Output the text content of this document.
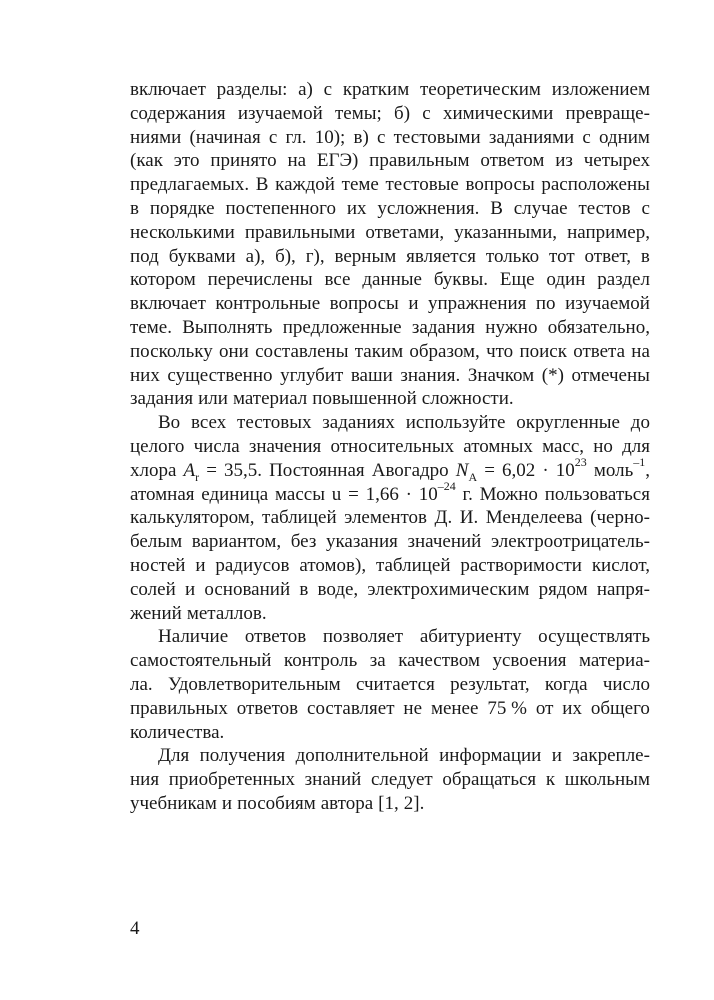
включает разделы: а) с кратким теоретическим изложением
содержания изучаемой темы; б) с химическими превраще-
ниями (начиная с гл. 10); в) с тестовыми заданиями с одним
(как это принято на ЕГЭ) правильным ответом из четырех
предлагаемых. В каждой теме тестовые вопросы расположены
в порядке постепенного их усложнения. В случае тестов с
несколькими правильными ответами, указанными, например,
под буквами а), б), г), верным является только тот ответ, в
котором перечислены все данные буквы. Еще один раздел
включает контрольные вопросы и упражнения по изучаемой
теме. Выполнять предложенные задания нужно обязательно,
поскольку они составлены таким образом, что поиск ответа на
них существенно углубит ваши знания. Значком (*) отмечены
задания или материал повышенной сложности.
Во всех тестовых заданиях используйте округленные до
целого числа значения относительных атомных масс, но для
хлора $A_r = 35,5$. Постоянная Авогадро $N_A = 6,02 \cdot 10^{23}$ моль$^{-1}$,
атомная единица массы $u = 1,66 \cdot 10^{-24}$ г. Можно пользоваться
калькулятором, таблицей элементов Д. И. Менделеева (черно-
белым вариантом, без указания значений электроотрицатель-
ностей и радиусов атомов), таблицей растворимости кислот,
солей и оснований в воде, электрохимическим рядом напря-
жений металлов.
Наличие ответов позволяет абитуриенту осуществлять
самостоятельный контроль за качеством усвоения материа-
ла. Удовлетворительным считается результат, когда число
правильных ответов составляет не менее 75 % от их общего
количества.
Для получения дополнительной информации и закрепле-
ния приобретенных знаний следует обращаться к школьным
учебникам и пособиям автора [1, 2].
4
